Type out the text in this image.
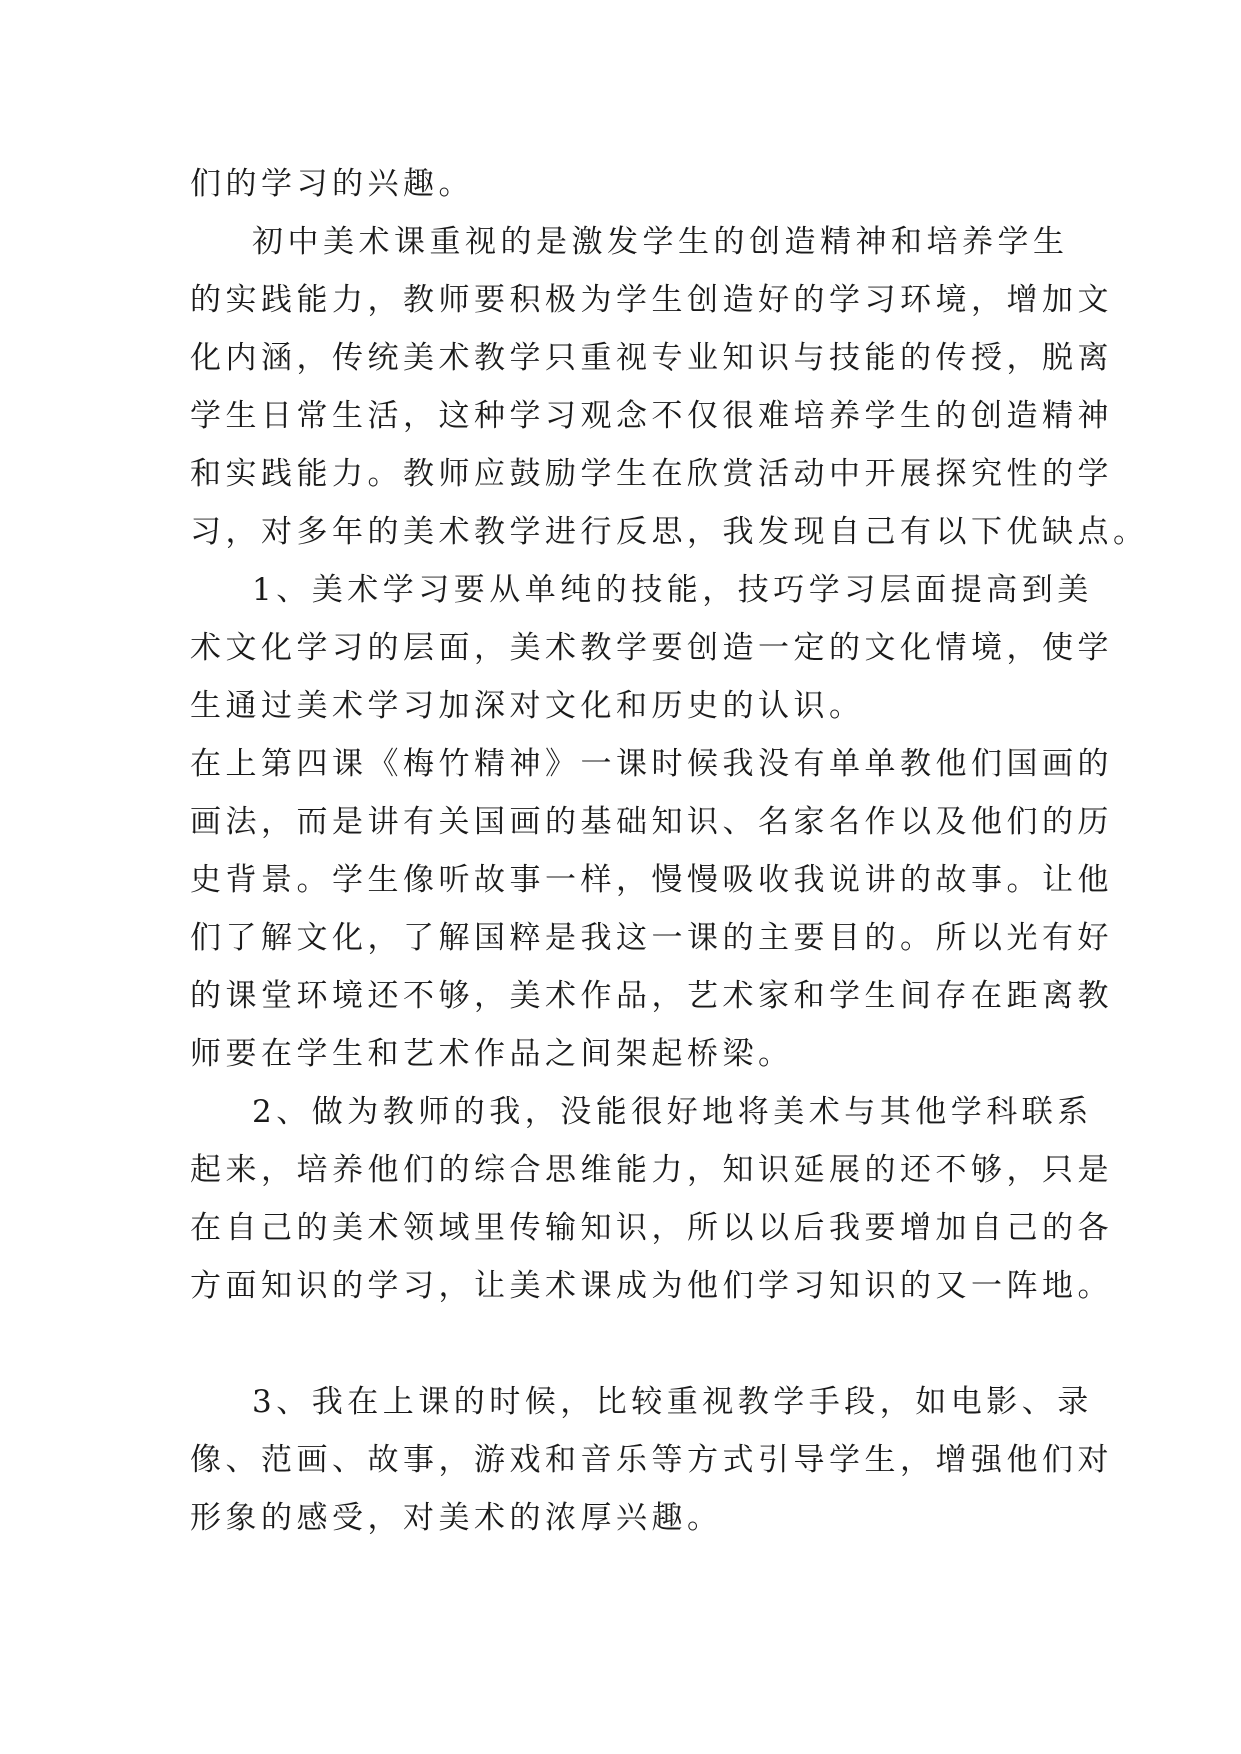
们的学习的兴趣。
初中美术课重视的是激发学生的创造精神和培养学生
的实践能力，教师要积极为学生创造好的学习环境，增加文
化内涵，传统美术教学只重视专业知识与技能的传授，脱离
学生日常生活，这种学习观念不仅很难培养学生的创造精神
和实践能力。教师应鼓励学生在欣赏活动中开展探究性的学
习，对多年的美术教学进行反思，我发现自己有以下优缺点。
1、美术学习要从单纯的技能，技巧学习层面提高到美
术文化学习的层面，美术教学要创造一定的文化情境，使学
生通过美术学习加深对文化和历史的认识。
在上第四课《梅竹精神》一课时候我没有单单教他们国画的
画法，而是讲有关国画的基础知识、名家名作以及他们的历
史背景。学生像听故事一样，慢慢吸收我说讲的故事。让他
们了解文化，了解国粹是我这一课的主要目的。所以光有好
的课堂环境还不够，美术作品，艺术家和学生间存在距离教
师要在学生和艺术作品之间架起桥梁。
2、做为教师的我，没能很好地将美术与其他学科联系
起来，培养他们的综合思维能力，知识延展的还不够，只是
在自己的美术领域里传输知识，所以以后我要增加自己的各
方面知识的学习，让美术课成为他们学习知识的又一阵地。
3、我在上课的时候，比较重视教学手段，如电影、录
像、范画、故事，游戏和音乐等方式引导学生，增强他们对
形象的感受，对美术的浓厚兴趣。
